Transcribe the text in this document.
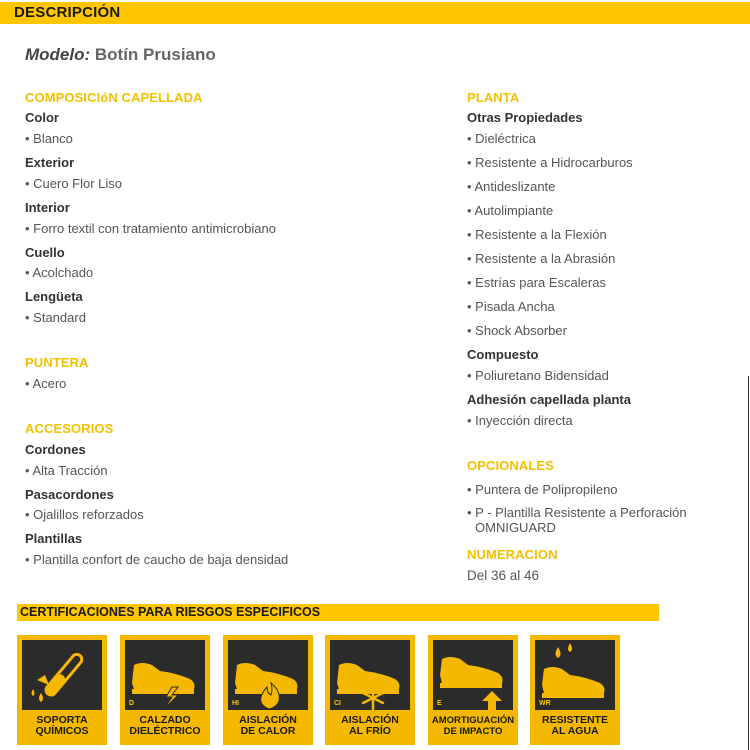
DESCRIPCIÓN
Modelo: Botín Prusiano
COMPOSICIóN CAPELLADA
Color
• Blanco
Exterior
• Cuero Flor Liso
Interior
• Forro textil con tratamiento antimicrobiano
Cuello
• Acolchado
Lengüeta
• Standard
PUNTERA
• Acero
ACCESORIOS
Cordones
• Alta Tracción
Pasacordones
• Ojalillos reforzados
Plantillas
• Plantilla confort de caucho de baja densidad
PLANTA
Otras Propiedades
• Dieléctrica
• Resistente a Hidrocarburos
• Antideslizante
• Autolimpiante
• Resistente a la Flexión
• Resistente a la Abrasión
• Estrías para Escaleras
• Pisada Ancha
• Shock Absorber
Compuesto
• Poliuretano Bidensidad
Adhesión capellada planta
• Inyección directa
OPCIONALES
• Puntera de Polipropileno
• P - Plantilla Resistente a Perforación
OMNIGUARD
NUMERACION
Del 36 al 46
CERTIFICACIONES PARA RIESGOS ESPECIFICOS
SOPORTA
QUÍMICOS
D
CALZADO
DIELÉCTRICO
HI
AISLACIÓN
DE CALOR
CI
AISLACIÓN
AL FRÍO
E
AMORTIGUACIÓN
DE IMPACTO
WR
RESISTENTE
AL AGUA
